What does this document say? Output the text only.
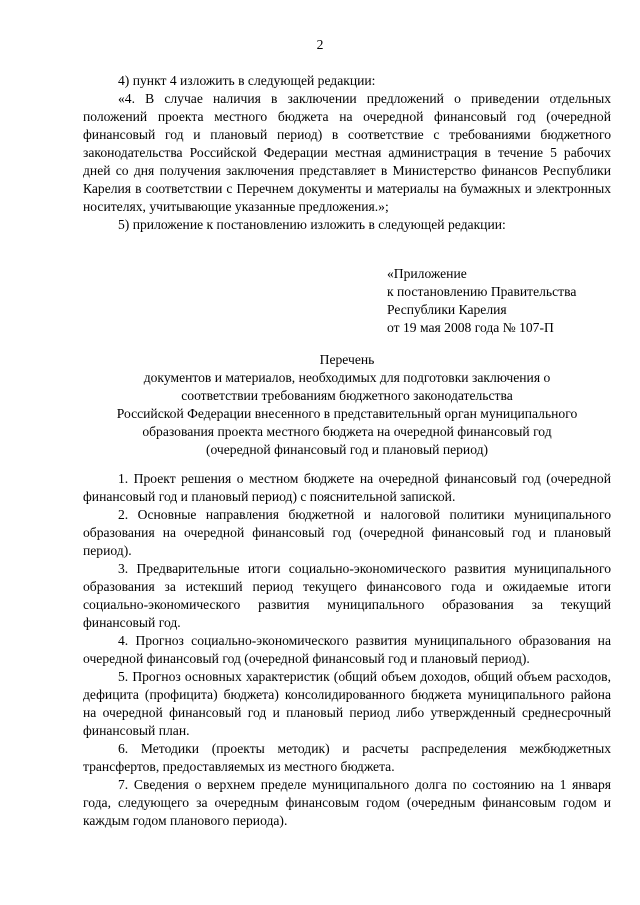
2

4) пункт 4 изложить в следующей редакции:

«4. В случае наличия в заключении предложений о приведении отдельных положений проекта местного бюджета на очередной финансовый год (очередной финансовый год и плановый период) в соответствие с требованиями бюджетного законодательства Российской Федерации местная администрация в течение 5 рабочих дней со дня получения заключения представляет в Министерство финансов Республики Карелия в соответствии с Перечнем документы и материалы на бумажных и электронных носителях, учитывающие указанные предложения.»;

5) приложение к постановлению изложить в следующей редакции:

«Приложение
к постановлению Правительства
Республики Карелия
от 19 мая 2008 года № 107-П
Перечень
документов и материалов, необходимых для подготовки заключения о
соответствии требованиям бюджетного законодательства
Российской Федерации внесенного в представительный орган муниципального
образования проекта местного бюджета на очередной финансовый год
(очередной финансовый год и плановый период)

1. Проект решения о местном бюджете на очередной финансовый год (очередной финансовый год и плановый период) с пояснительной запиской.

2. Основные направления бюджетной и налоговой политики муниципального образования на очередной финансовый год (очередной финансовый год и плановый период).

3. Предварительные итоги социально-экономического развития муниципального образования за истекший период текущего финансового года и ожидаемые итоги социально-экономического развития муниципального образования за текущий финансовый год.

4. Прогноз социально-экономического развития муниципального образования на очередной финансовый год (очередной финансовый год и плановый период).

5. Прогноз основных характеристик (общий объем доходов, общий объем расходов, дефицита (профицита) бюджета) консолидированного бюджета муниципального района на очередной финансовый год и плановый период либо утвержденный среднесрочный финансовый план.

6. Методики (проекты методик) и расчеты распределения межбюджетных трансфертов, предоставляемых из местного бюджета.

7. Сведения о верхнем пределе муниципального долга по состоянию на 1 января года, следующего за очередным финансовым годом (очередным финансовым годом и каждым годом планового периода).
